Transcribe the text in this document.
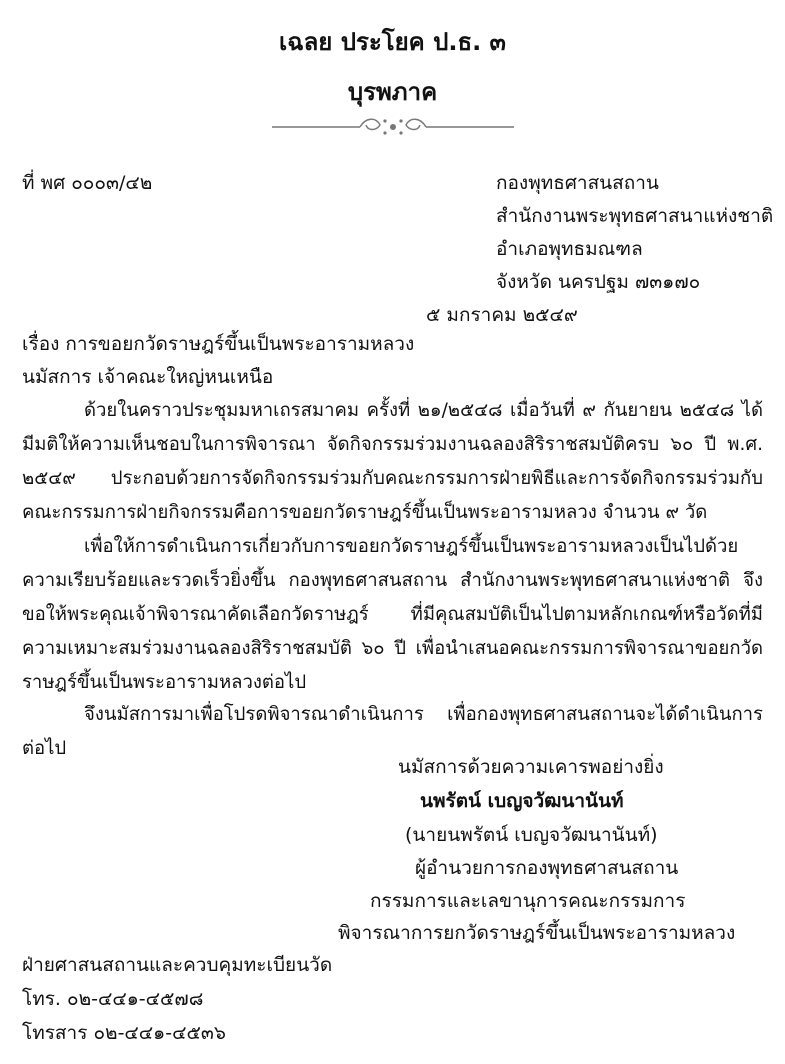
เฉลย ประโยค ป.ธ. ๓
บุรพภาค
ที่ พศ ๐๐๐๓/๔๒	กองพุทธศาสนสถาน
สำนักงานพระพุทธศาสนาแห่งชาติ
อำเภอพุทธมณฑล
จังหวัด นครปฐม ๗๓๑๗๐
๕ มกราคม ๒๕๔๙
เรื่อง การขอยกวัดราษฎร์ขึ้นเป็นพระอารามหลวง
นมัสการ เจ้าคณะใหญ่หนเหนือ
ด้วยในคราวประชุมมหาเถรสมาคม ครั้งที่ ๒๑/๒๕๔๘ เมื่อวันที่ ๙ กันยายน ๒๕๔๘ ได้มีมติให้ความเห็นชอบในการพิจารณา จัดกิจกรรมร่วมงานฉลองสิริราชสมบัติครบ ๖๐ ปี พ.ศ. ๒๕๔๙ ประกอบด้วยการจัดกิจกรรมร่วมกับคณะกรรมการฝ่ายพิธีและการจัดกิจกรรมร่วมกับคณะกรรมการฝ่ายกิจกรรมคือการขอยกวัดราษฎร์ขึ้นเป็นพระอารามหลวง จำนวน ๙ วัด
เพื่อให้การดำเนินการเกี่ยวกับการขอยกวัดราษฎร์ขึ้นเป็นพระอารามหลวงเป็นไปด้วยความเรียบร้อยและรวดเร็วยิ่งขึ้น กองพุทธศาสนสถาน สำนักงานพระพุทธศาสนาแห่งชาติ จึงขอให้พระคุณเจ้าพิจารณาคัดเลือกวัดราษฎร์ ที่มีคุณสมบัติเป็นไปตามหลักเกณฑ์หรือวัดที่มีความเหมาะสมร่วมงานฉลองสิริราชสมบัติ ๖๐ ปี เพื่อนำเสนอคณะกรรมการพิจารณาขอยกวัดราษฎร์ขึ้นเป็นพระอารามหลวงต่อไป
จึงนมัสการมาเพื่อโปรดพิจารณาดำเนินการ เพื่อกองพุทธศาสนสถานจะได้ดำเนินการต่อไป
นมัสการด้วยความเคารพอย่างยิ่ง
นพรัตน์ เบญจวัฒนานันท์
(นายนพรัตน์ เบญจวัฒนานันท์)
ผู้อำนวยการกองพุทธศาสนสถาน
กรรมการและเลขานุการคณะกรรมการ
พิจารณาการยกวัดราษฎร์ขึ้นเป็นพระอารามหลวง
ฝ่ายศาสนสถานและควบคุมทะเบียนวัด
โทร. ๐๒-๔๔๑-๔๕๗๘
โทรสาร ๐๒-๔๔๑-๔๕๓๖
